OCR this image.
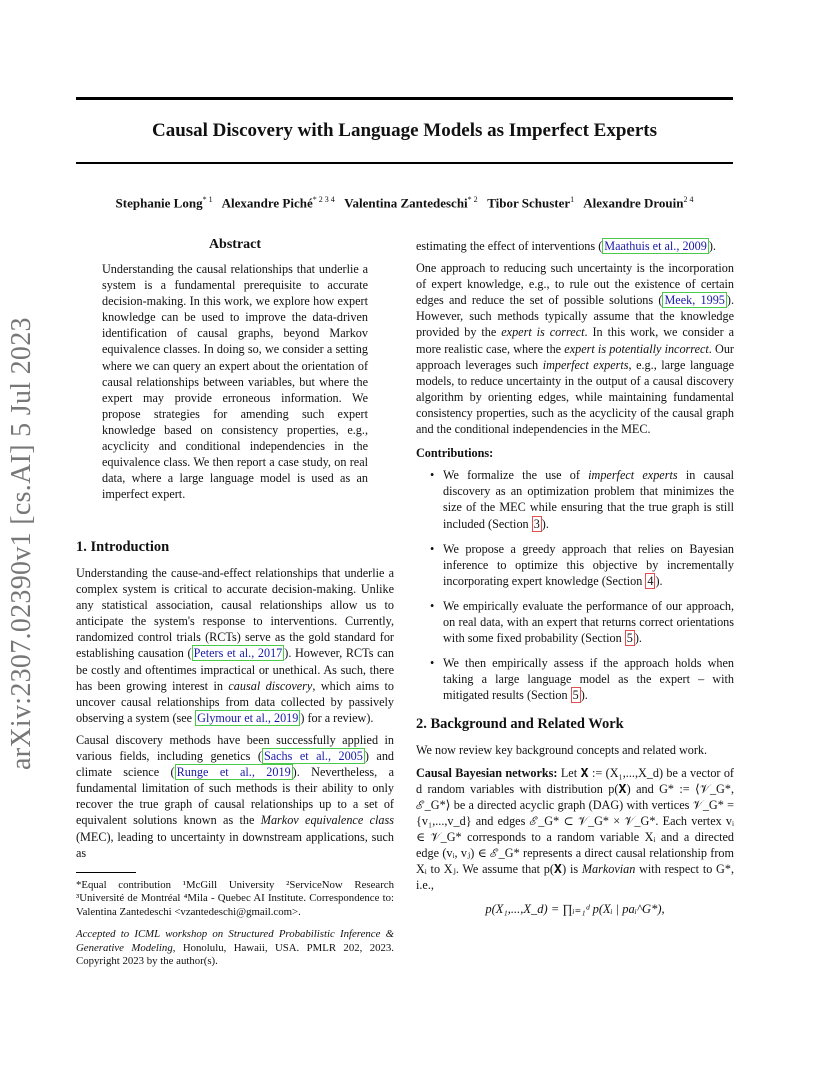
Causal Discovery with Language Models as Imperfect Experts
Stephanie Long$^{* 1}$ Alexandre Piché$^{* 2 3 4}$ Valentina Zantedeschi$^{* 2}$ Tibor Schuster$^1$ Alexandre Drouin$^{2 4}$
arXiv:2307.02390v1 [cs.AI] 5 Jul 2023
Abstract
Understanding the causal relationships that underlie a system is a fundamental prerequisite to accurate decision-making. In this work, we explore how expert knowledge can be used to improve the data-driven identification of causal graphs, beyond Markov equivalence classes. In doing so, we consider a setting where we can query an expert about the orientation of causal relationships between variables, but where the expert may provide erroneous information. We propose strategies for amending such expert knowledge based on consistency properties, e.g., acyclicity and conditional independencies in the equivalence class. We then report a case study, on real data, where a large language model is used as an imperfect expert.
1. Introduction

Understanding the cause-and-effect relationships that underlie a complex system is critical to accurate decision-making. Unlike any statistical association, causal relationships allow us to anticipate the system's response to interventions. Currently, randomized control trials (RCTs) serve as the gold standard for establishing causation ( Peters et al., 2017 ). However, RCTs can be costly and oftentimes impractical or unethical. As such, there has been growing interest in causal discovery, which aims to uncover causal relationships from data collected by passively observing a system (see Glymour et al., 2019 ) for a review).

Causal discovery methods have been successfully applied in various fields, including genetics ( Sachs et al., 2005 ) and climate science ( Runge et al., 2019 ). Nevertheless, a fundamental limitation of such methods is their ability to only recover the true graph of causal relationships up to a set of equivalent solutions known as the Markov equivalence class (MEC), leading to uncertainty in downstream applications, such as

*Equal contribution ¹McGill University ²ServiceNow Research ³Université de Montréal ⁴Mila - Quebec AI Institute. Correspondence to: Valentina Zantedeschi <vzantedeschi@gmail.com>.
Accepted to ICML workshop on Structured Probabilistic Inference & Generative Modeling, Honolulu, Hawaii, USA. PMLR 202, 2023. Copyright 2023 by the author(s).

estimating the effect of interventions ( Maathuis et al., 2009 ).

One approach to reducing such uncertainty is the incorporation of expert knowledge, e.g., to rule out the existence of certain edges and reduce the set of possible solutions ( Meek, 1995 ). However, such methods typically assume that the knowledge provided by the expert is correct. In this work, we consider a more realistic case, where the expert is potentially incorrect. Our approach leverages such imperfect experts, e.g., large language models, to reduce uncertainty in the output of a causal discovery algorithm by orienting edges, while maintaining fundamental consistency properties, such as the acyclicity of the causal graph and the conditional independencies in the MEC.

Contributions:
• We formalize the use of imperfect experts in causal discovery as an optimization problem that minimizes the size of the MEC while ensuring that the true graph is still included (Section 3 ).
• We propose a greedy approach that relies on Bayesian inference to optimize this objective by incrementally incorporating expert knowledge (Section 4 ).
• We empirically evaluate the performance of our approach, on real data, with an expert that returns correct orientations with some fixed probability (Section 5 ).
• We then empirically assess if the approach holds when taking a large language model as the expert – with mitigated results (Section 5 ).
2. Background and Related Work

We now review key background concepts and related work.

Causal Bayesian networks: Let 𝐗 := (X₁,...,X_d) be a vector of d random variables with distribution p(𝐗) and G* := ⟨𝒱_G*, ℰ_G*⟩ be a directed acyclic graph (DAG) with vertices 𝒱_G* = {v₁,...,v_d} and edges ℰ_G* ⊂ 𝒱_G* × 𝒱_G*. Each vertex vᵢ ∈ 𝒱_G* corresponds to a random variable Xᵢ and a directed edge (vᵢ, vⱼ) ∈ ℰ_G* represents a direct causal relationship from Xᵢ to Xⱼ. We assume that p(𝐗) is Markovian with respect to G*, i.e.,

p(X₁,...,X_d) = ∏ᵢ₌₁ᵈ p(Xᵢ | paᵢ^G*),
